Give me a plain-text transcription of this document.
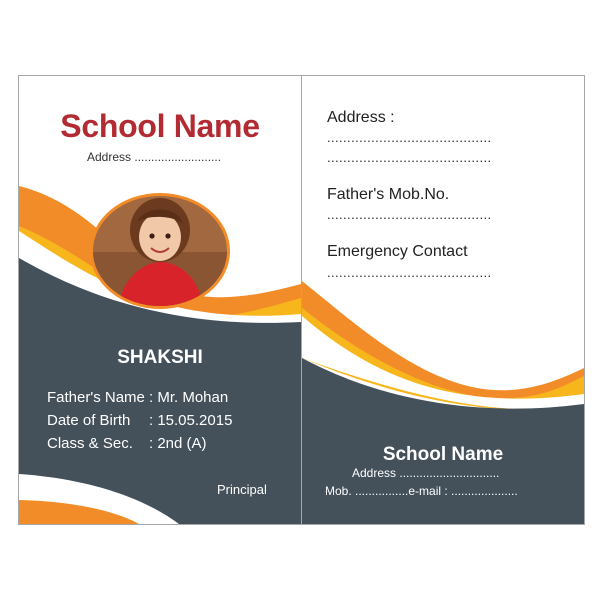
School Name
Address ..........................
SHAKSHI
Father's Name : Mr. Mohan
Date of Birth : 15.05.2015
Class & Sec. : 2nd (A)
Principal
Address :
.........................................
.........................................
Father's Mob.No.
.........................................
Emergency Contact
.........................................
School Name
Address ..............................
Mob. ................e-mail : ....................
